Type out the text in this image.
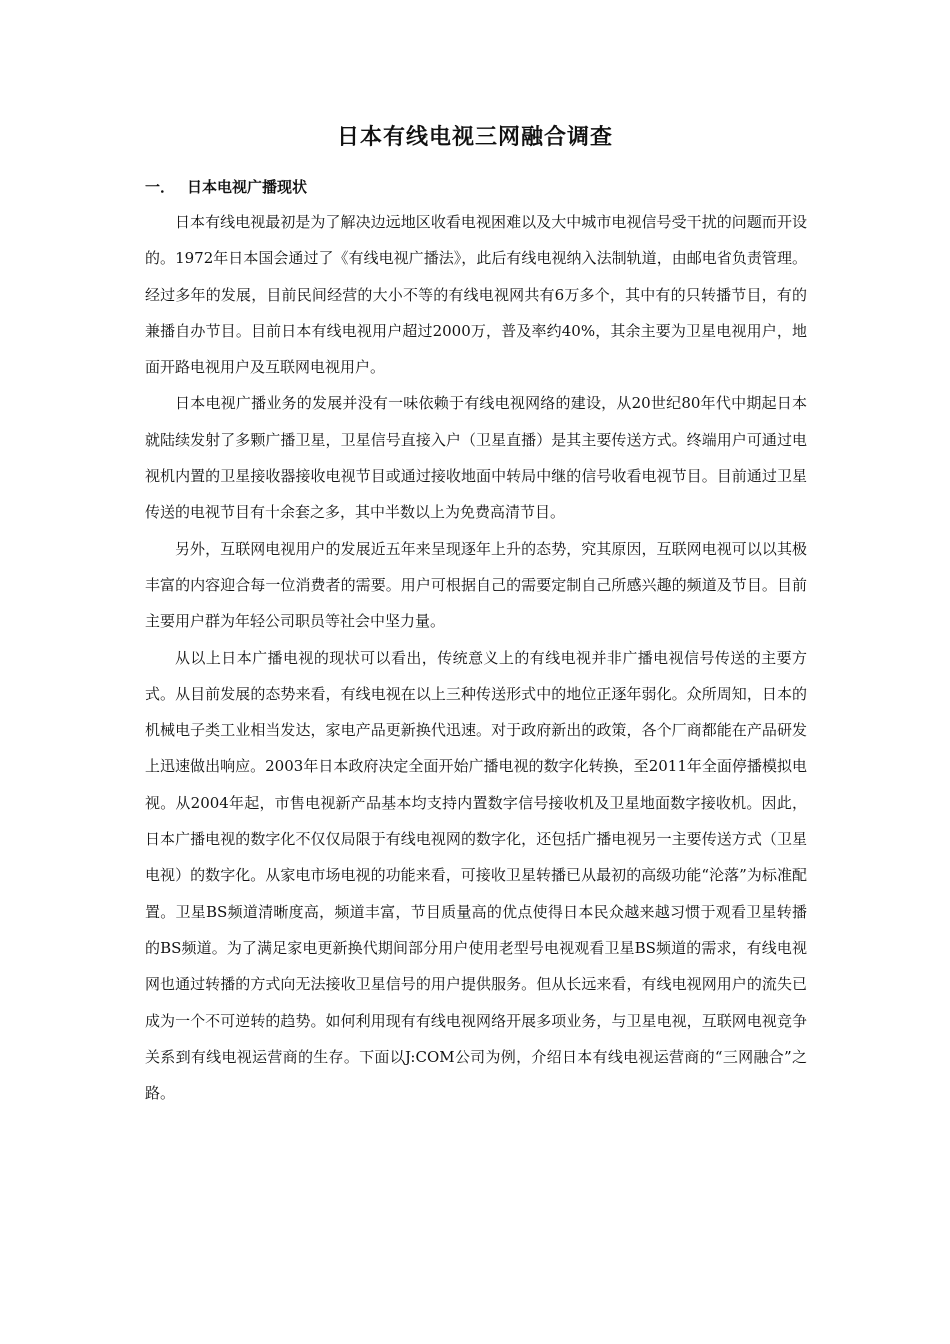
日本有线电视三网融合调查
一． 日本电视广播现状

日本有线电视最初是为了解决边远地区收看电视困难以及大中城市电视信号受干扰的问题而开设的。1972年日本国会通过了《有线电视广播法》，此后有线电视纳入法制轨道，由邮电省负责管理。经过多年的发展，目前民间经营的大小不等的有线电视网共有6万多个，其中有的只转播节目，有的兼播自办节目。目前日本有线电视用户超过2000万，普及率约40%，其余主要为卫星电视用户，地面开路电视用户及互联网电视用户。

日本电视广播业务的发展并没有一味依赖于有线电视网络的建设，从20世纪80年代中期起日本就陆续发射了多颗广播卫星，卫星信号直接入户（卫星直播）是其主要传送方式。终端用户可通过电视机内置的卫星接收器接收电视节目或通过接收地面中转局中继的信号收看电视节目。目前通过卫星传送的电视节目有十余套之多，其中半数以上为免费高清节目。

另外，互联网电视用户的发展近五年来呈现逐年上升的态势，究其原因，互联网电视可以以其极丰富的内容迎合每一位消费者的需要。用户可根据自己的需要定制自己所感兴趣的频道及节目。目前主要用户群为年轻公司职员等社会中坚力量。

从以上日本广播电视的现状可以看出，传统意义上的有线电视并非广播电视信号传送的主要方式。从目前发展的态势来看，有线电视在以上三种传送形式中的地位正逐年弱化。众所周知，日本的机械电子类工业相当发达，家电产品更新换代迅速。对于政府新出的政策，各个厂商都能在产品研发上迅速做出响应。2003年日本政府决定全面开始广播电视的数字化转换，至2011年全面停播模拟电视。从2004年起，市售电视新产品基本均支持内置数字信号接收机及卫星地面数字接收机。因此，日本广播电视的数字化不仅仅局限于有线电视网的数字化，还包括广播电视另一主要传送方式（卫星电视）的数字化。从家电市场电视的功能来看，可接收卫星转播已从最初的高级功能“沦落”为标准配置。卫星BS频道清晰度高，频道丰富，节目质量高的优点使得日本民众越来越习惯于观看卫星转播的BS频道。为了满足家电更新换代期间部分用户使用老型号电视观看卫星BS频道的需求，有线电视网也通过转播的方式向无法接收卫星信号的用户提供服务。但从长远来看，有线电视网用户的流失已成为一个不可逆转的趋势。如何利用现有有线电视网络开展多项业务，与卫星电视，互联网电视竞争关系到有线电视运营商的生存。下面以J:COM公司为例，介绍日本有线电视运营商的“三网融合”之路。
